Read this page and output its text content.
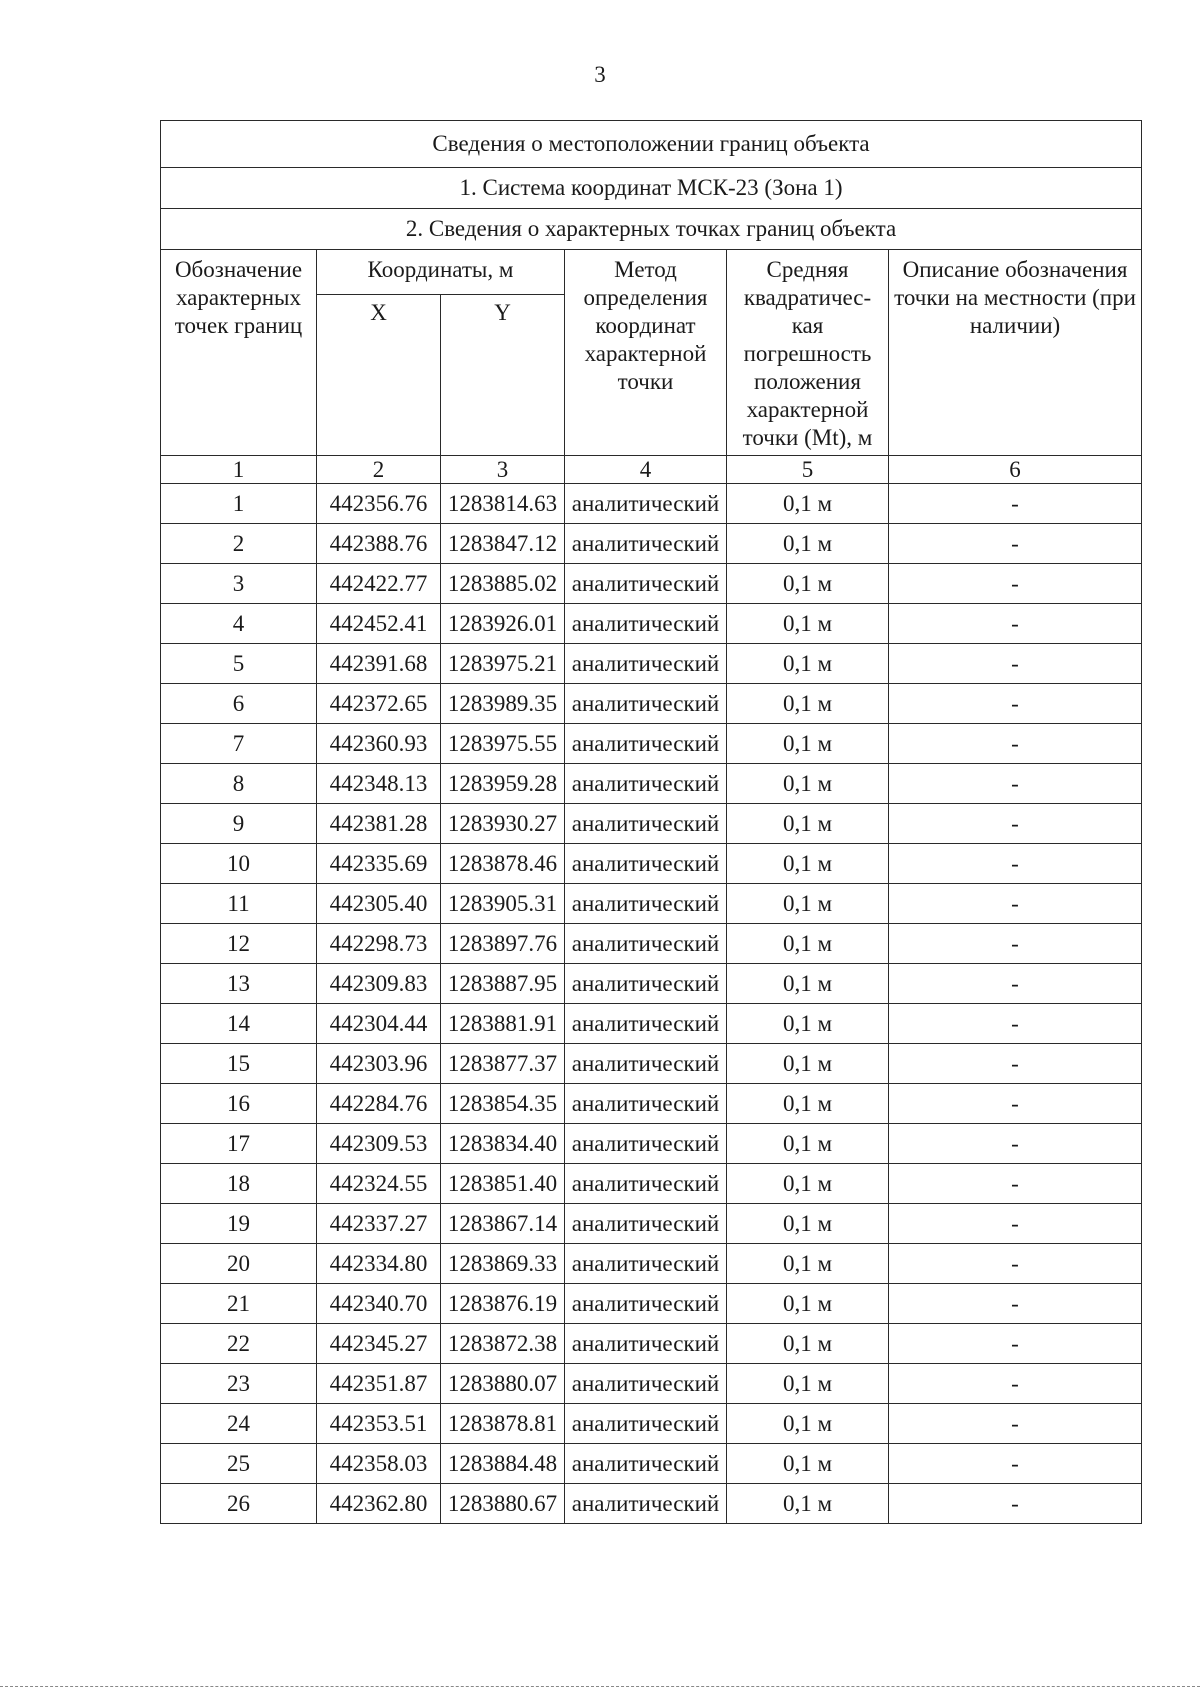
3
Сведения о местоположении границ объекта					
1. Система координат МСК-23 (Зона 1)					
2. Сведения о характерных точках границ объекта					
Обозначение характерных точек границ	Координаты, м		Метод определения координат характерной точки	Средняя квадратичес-кая погрешность положения характерной точки (Mt), м	Описание обозначения точки на местности (при наличии)
	X	Y			
1	2	3	4	5	6
1	442356.76	1283814.63	аналитический	0,1 м	-
2	442388.76	1283847.12	аналитический	0,1 м	-
3	442422.77	1283885.02	аналитический	0,1 м	-
4	442452.41	1283926.01	аналитический	0,1 м	-
5	442391.68	1283975.21	аналитический	0,1 м	-
6	442372.65	1283989.35	аналитический	0,1 м	-
7	442360.93	1283975.55	аналитический	0,1 м	-
8	442348.13	1283959.28	аналитический	0,1 м	-
9	442381.28	1283930.27	аналитический	0,1 м	-
10	442335.69	1283878.46	аналитический	0,1 м	-
11	442305.40	1283905.31	аналитический	0,1 м	-
12	442298.73	1283897.76	аналитический	0,1 м	-
13	442309.83	1283887.95	аналитический	0,1 м	-
14	442304.44	1283881.91	аналитический	0,1 м	-
15	442303.96	1283877.37	аналитический	0,1 м	-
16	442284.76	1283854.35	аналитический	0,1 м	-
17	442309.53	1283834.40	аналитический	0,1 м	-
18	442324.55	1283851.40	аналитический	0,1 м	-
19	442337.27	1283867.14	аналитический	0,1 м	-
20	442334.80	1283869.33	аналитический	0,1 м	-
21	442340.70	1283876.19	аналитический	0,1 м	-
22	442345.27	1283872.38	аналитический	0,1 м	-
23	442351.87	1283880.07	аналитический	0,1 м	-
24	442353.51	1283878.81	аналитический	0,1 м	-
25	442358.03	1283884.48	аналитический	0,1 м	-
26	442362.80	1283880.67	аналитический	0,1 м	-
